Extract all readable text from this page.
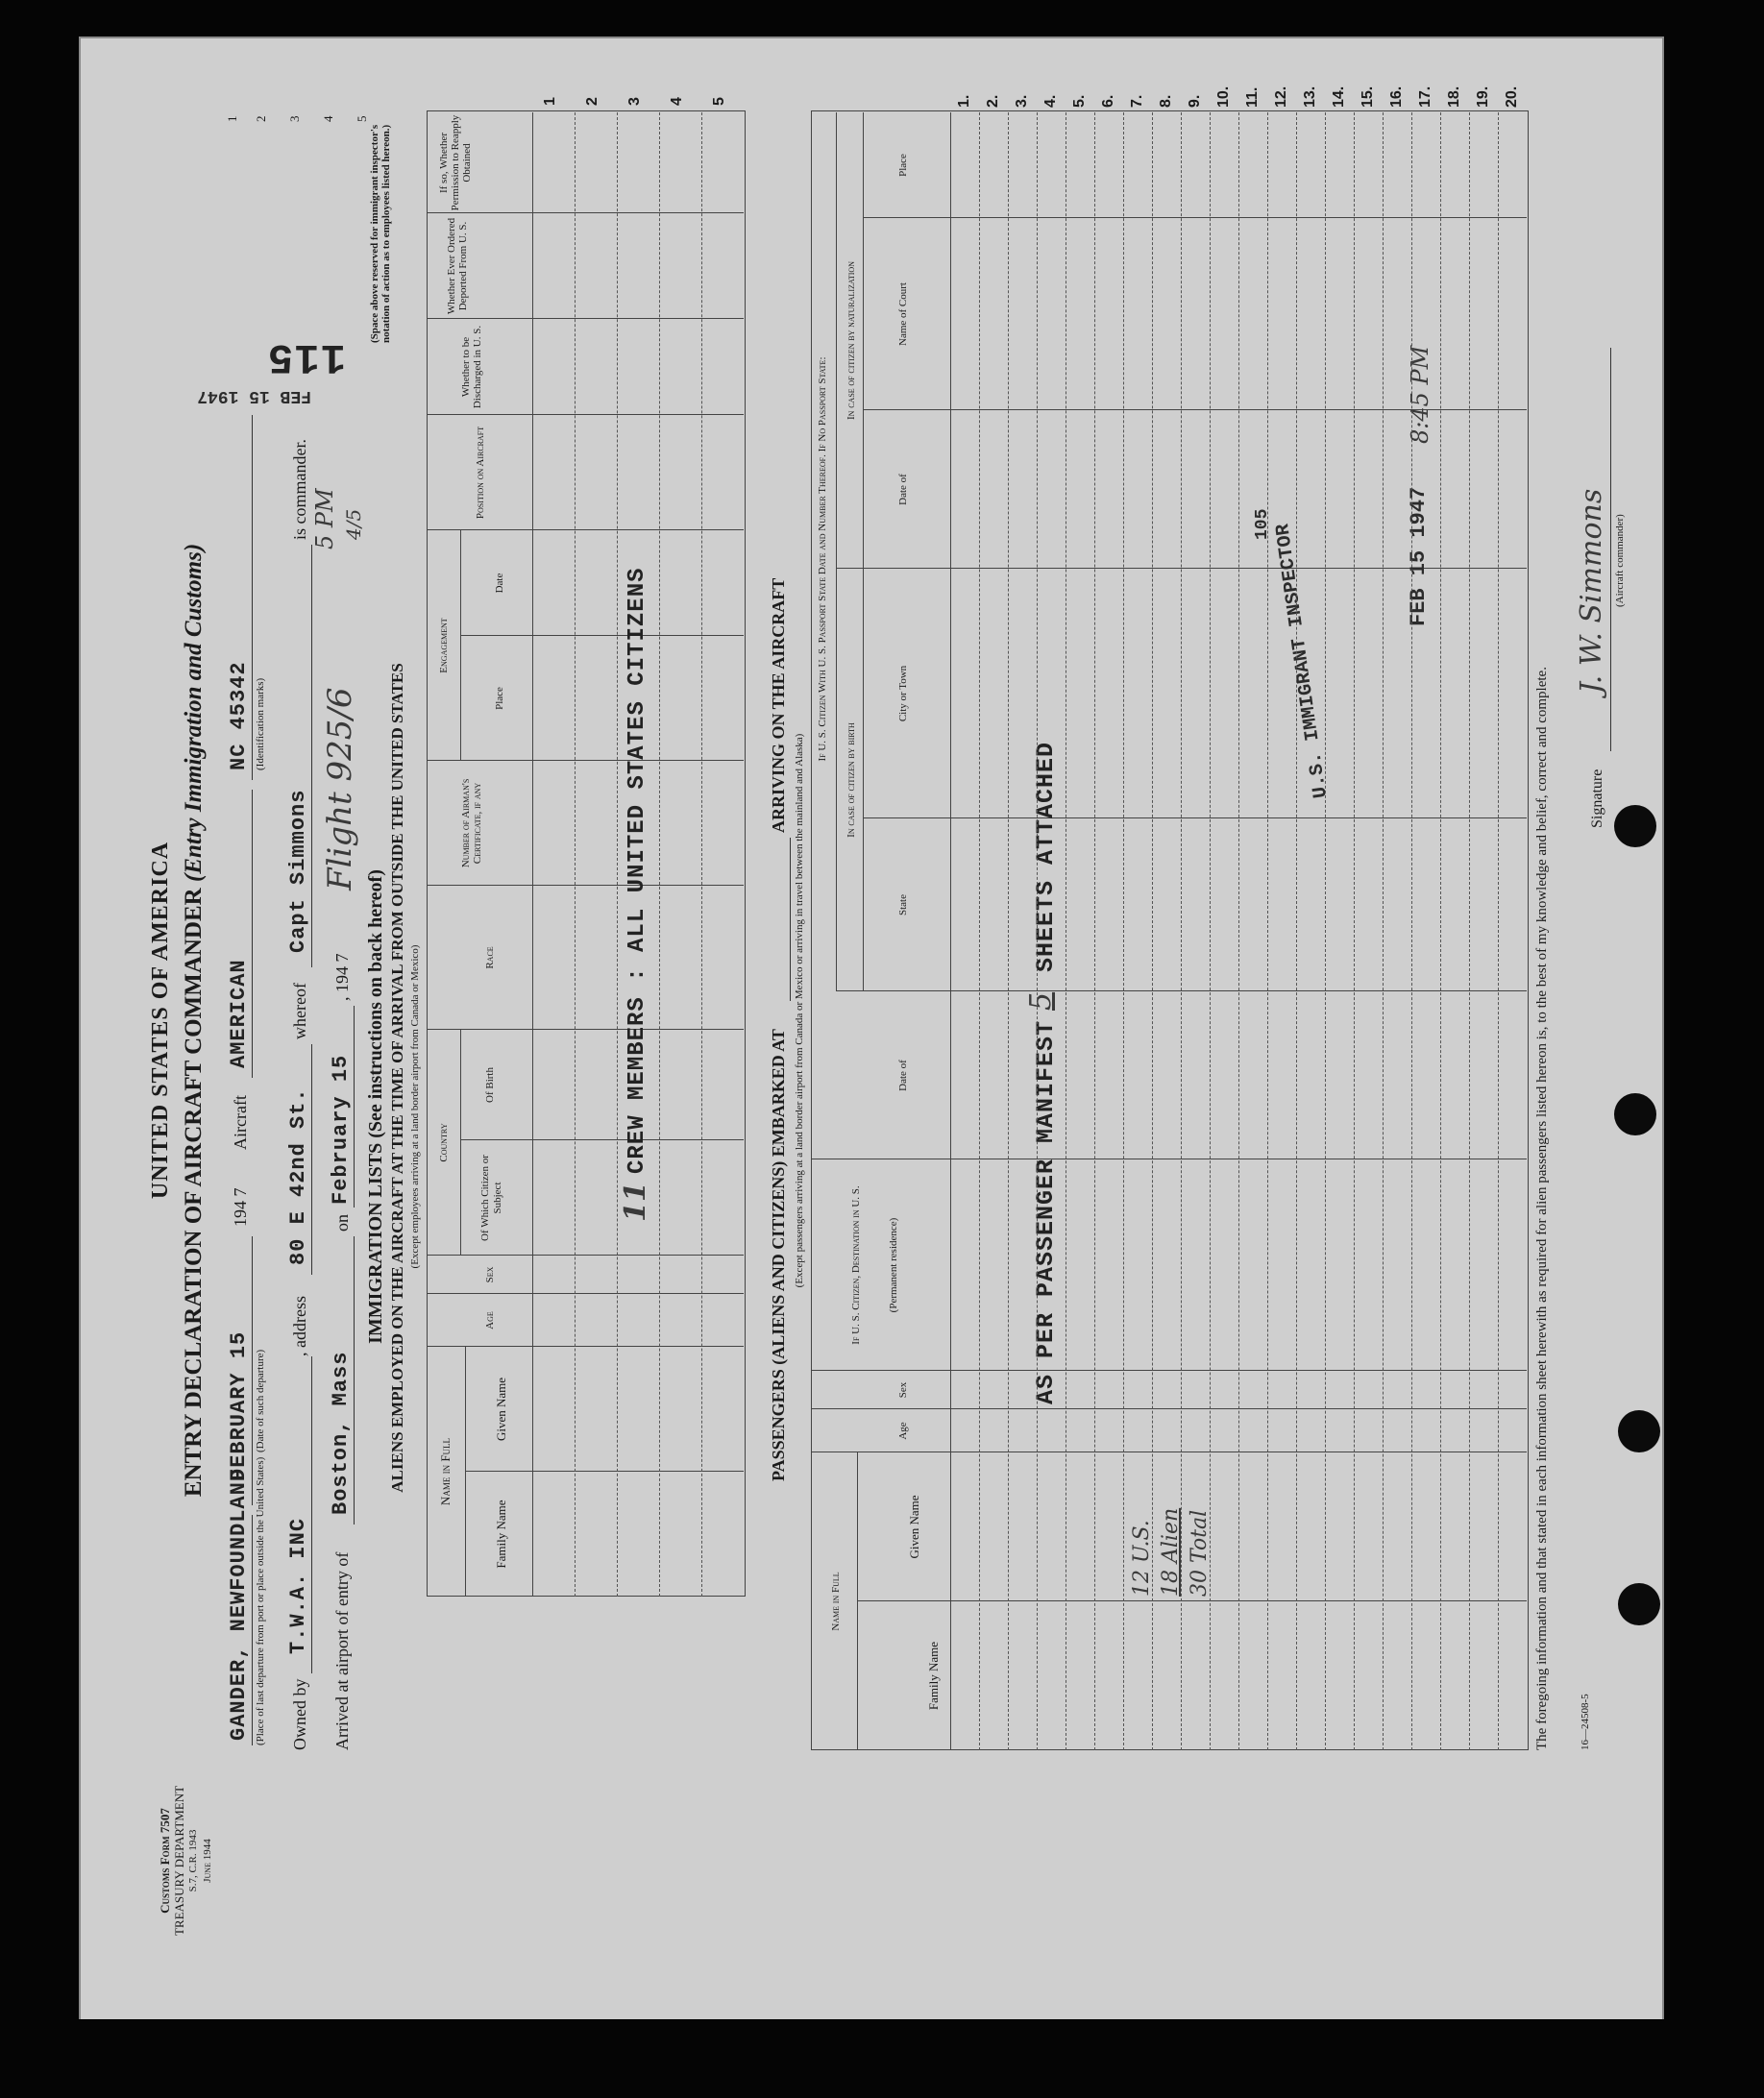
Customs Form 7507 TREASURY DEPARTMENT S.7, C.R. 1943 June 1944
UNITED STATES OF AMERICA ENTRY DECLARATION OF AIRCRAFT COMMANDER (Entry Immigration and Customs)
GANDER, NEWFOUNDLAND (Place of last departure from port or place outside the United States)
FEBRUARY 15 (Date of such departure)
194 7
Aircraft
AMERICAN
NC 45342 (Identification marks)
Owned by
T.W.A. INC
, address
80 E 42nd St.
whereof
Capt Simmons
is commander.
Arrived at airport of entry of
Boston, Mass
on
February 15
, 194 7
Flight 925/6
5 PM 4/5
FEB 15 1947
115
1 2 3 4 5
IMMIGRATION LISTS (See instructions on back hereof) ALIENS EMPLOYED ON THE AIRCRAFT AT THE TIME OF ARRIVAL FROM OUTSIDE THE UNITED STATES (Except employees arriving at a land border airport from Canada or Mexico)
(Space above reserved for immigrant inspector's notation of action as to employees listed hereon.)
Name in Full
Family Name
Given Name
Age
Sex
Country
Of Which Citizen or Subject
Of Birth
Race
Number of Airman's Certificate, if any
Engagement
Place
Date
Position on Aircraft
Whether to be Discharged in U. S.
Whether Ever Ordered Deported From U. S.
If so, Whether Permission to Reapply Obtained
1 2 3 4 5
11
CREW MEMBERS : ALL UNITED STATES CITIZENS
PASSENGERS (ALIENS AND CITIZENS) EMBARKED AT
ARRIVING ON THE AIRCRAFT
(Except passengers arriving at a land border airport from Canada or Mexico or arriving in travel between the mainland and Alaska)
If U. S. Citizen With U. S. Passport State Date and Number Thereof. If No Passport State:
Name in Full
Family Name
Given Name
Age
Sex
If U. S. Citizen, Destination in U. S. (Permanent residence)
In case of citizen by birth
Date of
State
City or Town
In case of citizen by naturalization
Date of
Name of Court
Place
AS PER PASSENGER MANIFEST
5
SHEETS ATTACHED
12 U.S. 18 Alien 30 Total
U.S. IMMIGRANT INSPECTOR
105	FEB 15 1947
8:45 PM
The foregoing information and that stated in each information sheet herewith as required for alien passengers listed hereon is, to the best of my knowledge and belief, correct and complete.	16—24508-5
Signature
J. W. Simmons (Aircraft commander)
1. 2. 3. 4. 5. 6. 7. 8. 9. 10. 11. 12. 13. 14. 15. 16. 17. 18. 19. 20.
